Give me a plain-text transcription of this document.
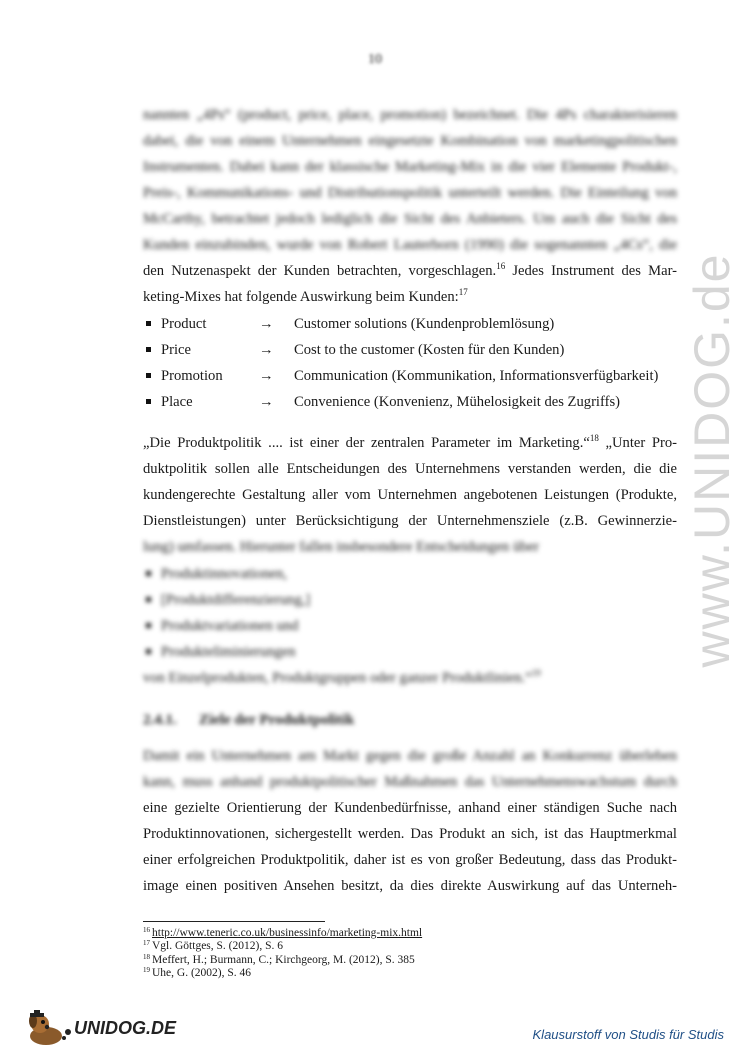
10
nannten „4Ps“ (product, price, place, promotion) bezeichnet. Die 4Ps charakterisieren
dabei, die von einem Unternehmen eingesetzte Kombination von marketingpolitischen
Instrumenten. Dabei kann der klassische Marketing-Mix in die vier Elemente Produkt-,
Preis-, Kommunikations- und Distributionspolitik unterteilt werden. Die Einteilung von
McCarthy, betrachtet jedoch lediglich die Sicht des Anbieters. Um auch die Sicht des
Kunden einzubinden, wurde von Robert Lauterborn (1990) die sogenannten „4Cs“, die
den Nutzenaspekt der Kunden betrachten, vorgeschlagen.$^{16}$ Jedes Instrument des Mar-
keting-Mixes hat folgende Auswirkung beim Kunden:$^{17}$
Product	→ Customer solutions (Kundenproblemlösung)
Price	→ Cost to the customer (Kosten für den Kunden)
Promotion → Communication (Kommunikation, Informationsverfügbarkeit)
Place	→ Convenience (Konvenienz, Mühelosigkeit des Zugriffs)
„Die Produktpolitik .... ist einer der zentralen Parameter im Marketing.“$^{18}$ „Unter Pro-
duktpolitik sollen alle Entscheidungen des Unternehmens verstanden werden, die die
kundengerechte Gestaltung aller vom Unternehmen angebotenen Leistungen (Produkte,
Dienstleistungen) unter Berücksichtigung der Unternehmensziele (z.B. Gewinnerzie-
lung) umfassen. Hierunter fallen insbesondere Entscheidungen über
Produktinnovationen,
[Produktdifferenzierung,]
Produktvariationen und
Produkteliminierungen
von Einzelprodukten, Produktgruppen oder ganzer Produktlinien.“$^{19}$
2.4.1. Ziele der Produktpolitik
Damit ein Unternehmen am Markt gegen die große Anzahl an Konkurrenz überleben
kann, muss anhand produktpolitischer Maßnahmen das Unternehmenswachstum durch
eine gezielte Orientierung der Kundenbedürfnisse, anhand einer ständigen Suche nach
Produktinnovationen, sichergestellt werden. Das Produkt an sich, ist das Hauptmerkmal
einer erfolgreichen Produktpolitik, daher ist es von großer Bedeutung, dass das Produkt-
image einen positiven Ansehen besitzt, da dies direkte Auswirkung auf das Unterneh-
$^{16}$ http://www.teneric.co.uk/businessinfo/marketing-mix.html
$^{17}$ Vgl. Göttges, S. (2012), S. 6
$^{18}$ Meffert, H.; Burmann, C.; Kirchgeorg, M. (2012), S. 385
$^{19}$ Uhe, G. (2002), S. 46
www.UNIDOG.de
UNIDOG.DE	Klausurstoff von Studis für Studis
